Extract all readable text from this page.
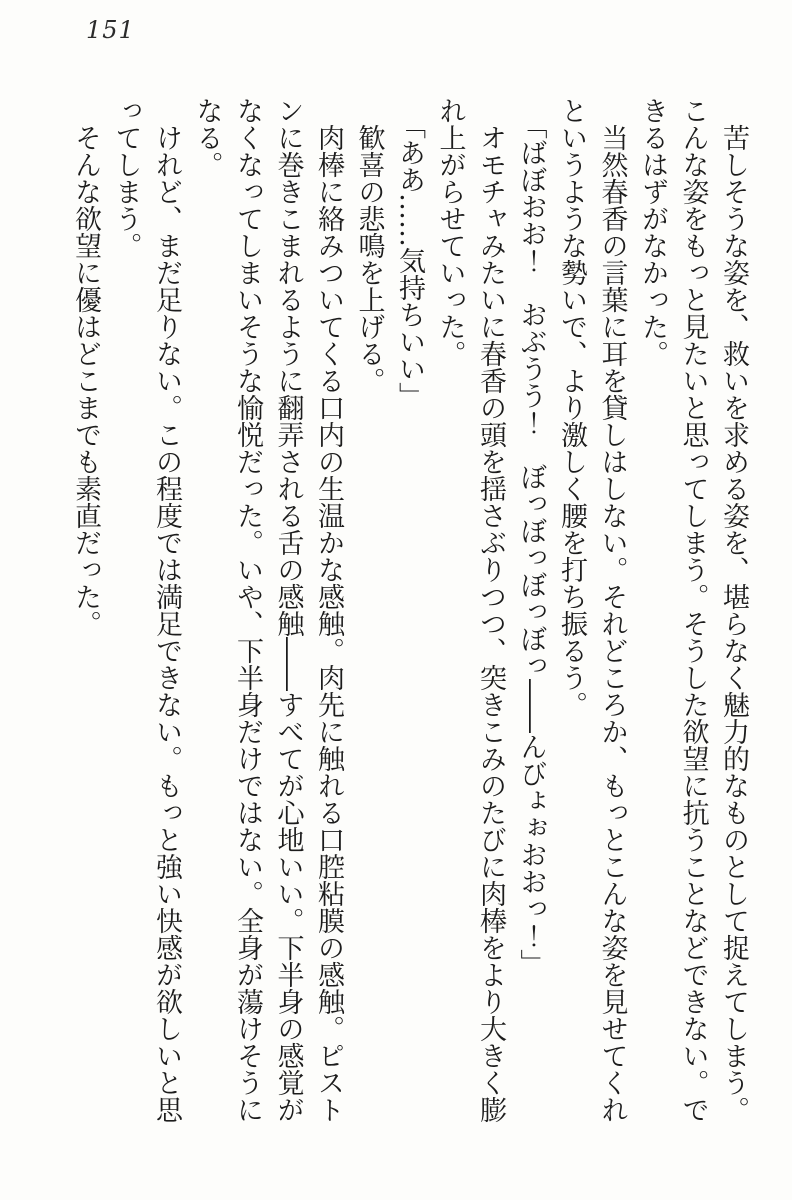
151

苦しそうな姿を、救いを求める姿を、堪らなく魅力的なものとして捉えてしまう。こんな姿をもっと見たいと思ってしまう。そうした欲望に抗うことなどできない。できるはずがなかった。

当然春香の言葉に耳を貸しはしない。それどころか、もっとこんな姿を見せてくれというような勢いで、より激しく腰を打ち振るう。

「ばぼおお！　おぶうう！　ぼっぼっぼっぼっ――んびょぉおおっ！」

オモチャみたいに春香の頭を揺さぶりつつ、突きこみのたびに肉棒をより大きく膨れ上がらせていった。

「ああ……気持ちいい」

歓喜の悲鳴を上げる。

肉棒に絡みついてくる口内の生温かな感触。肉先に触れる口腔粘膜の感触。ピストンに巻きこまれるように翻弄される舌の感触――すべてが心地いい。下半身の感覚がなくなってしまいそうな愉悦だった。いや、下半身だけではない。全身が蕩けそうになる。

けれど、まだ足りない。この程度では満足できない。もっと強い快感が欲しいと思ってしまう。

そんな欲望に優はどこまでも素直だった。
